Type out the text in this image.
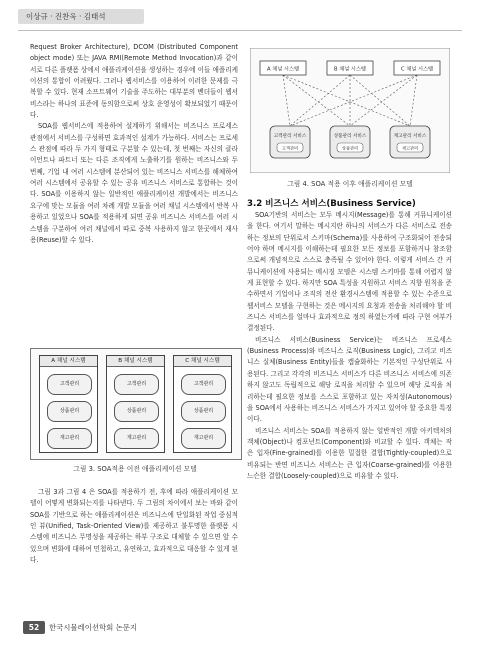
이상규 · 진찬욱 · 김태석

Request Broker Architecture), DCOM (Distributed Component object mode) 또는 JAVA RMI(Remote Method Invocation)과 같이 서로 다른 플랫폼 상에서 애플리케이션을 생성하는 경우에 이들 애플리케이션의 통합이 어려웠다. 그러나 웹서비스를 이용하여 이러한 문제를 극복할 수 있다. 현재 소프트웨어 기술을 주도하는 대부분의 벤더들이 웹서비스라는 하나의 표준에 동의함으로써 상호 운영성이 확보되었기 때문이다.

SOA를 웹서비스에 적용하여 설계하기 위해서는 비즈니스 프로세스 관점에서 서비스를 구성하면 효과적인 설계가 가능하다. 서비스는 프로세스 관점에 따라 두 가지 형태로 구분할 수 있는데, 첫 번째는 자신의 클라이언트나 파트너 또는 다른 조직에게 노출하기를 원하는 비즈니스와 두 번째, 기업 내 여러 시스템에 분산되어 있는 비즈니스 서비스를 해체하여 여러 시스템에서 공유할 수 있는 공유 비즈니스 서비스로 통합하는 것이다. SOA를 이용하지 않는 일반적인 애플리케이션 개발에서는 비즈니스 요구에 맞는 모듈을 여러 차례 개발 모듈을 여러 채널 시스템에서 반복 사용하고 있었으나 SOA를 적용하게 되면 공유 비즈니스 서비스를 여러 시스템을 구분하여 여러 채널에서 따로 중복 사용하지 않고 한곳에서 재사용(Reuse)할 수 있다.

A 채널 시스템
고객관리
상품관리
재고관리
B 채널 시스템
고객관리
상품관리
재고관리
C 채널 시스템
고객관리
상품관리
재고관리
그림 3. SOA적용 이전 애플리케이션 모델

그림 3과 그림 4 은 SOA를 적용하기 전, 후에 따라 애플리케이션 모델이 어떻게 변화되는지를 나타낸다. 두 그림의 차이에서 보는 바와 같이 SOA를 기반으로 하는 애플리케이션은 비즈니스에 단일화된 작업 중심적인 뷰(Unified, Task-Oriented View)를 제공하고 불투명한 플랫폼 시스템에 비즈니스 무명성을 제공하는 하부 구조로 대체할 수 있으면 앞 수 있으며 변화에 대하여 민첩하고, 유연하고, 효과적으로 대응할 수 있게 된다.

A 채널 시스템	B 채널 시스템	C 채널 시스템
고객관리 서비스
고객관리
상품관리 서비스
상품관리
재고관리 서비스
재고관리
그림 4. SOA 적용 이후 애플리케이션 모델

3.2 비즈니스 서비스(Business Service)

SOA기반의 서비스는 모두 메시지(Message)를 통해 커뮤니케이션을 한다. 여기서 말하는 메시지란 하나의 서비스가 다른 서비스로 전송하는 정보의 단위로서 스키마(Schema)를 사용하여 구조화되어 전송되어야 하며 메시지를 이해하는데 필요한 모든 정보를 포함하거나 참조함으로써 개념적으로 스스로 충족될 수 있어야 한다. 이렇게 서비스 간 커뮤니케이션에 사용되는 메시징 모델은 시스템 스키마를 통해 어렵지 않게 표현할 수 있다. 하지만 SOA 특성을 지원하고 서비스 지향 원칙을 준수하면서 기업이나 조직의 전산 환경시스템에 적용할 수 있는 수준으로 웹서비스 모델을 구현하는 것은 메시지의 요청과 전송을 처리해야 할 비즈니스 서비스를 얼마나 효과적으로 정의 하였는가에 따라 구현 여부가 결정된다.

비즈니스 서비스(Business Service)는 비즈니스 프로세스(Business Process)와 비즈니스 로직(Business Logic), 그리고 비즈니스 실체(Business Entity)들을 캡슐화하는 기본적인 구성단위로 사용된다. 그리고 각각의 비즈니스 서비스가 다른 비즈니스 서비스에 의존하지 않고도 독립적으로 해당 로직을 처리할 수 있으며 해당 로직을 처리하는데 필요한 정보를 스스로 포함하고 있는 자치성(Autonomous)을 SOA에서 사용하는 비즈니스 서비스가 가지고 있어야 할 중요한 특징이다.

비즈니스 서비스는 SOA를 적용하지 않는 일반적인 개발 아키텍처의 객체(Object)나 컴포넌트(Component)와 비교할 수 있다. 객체는 작은 입자(Fine-grained)를 이용한 밀접한 결합(Tightly-coupled)으로 비유되는 반면 비즈니스 서비스는 큰 입자(Coarse-grained)를 이용한 느슨한 결합(Loosely-coupled)으로 비유할 수 있다.

52	한국시뮬레이션학회 논문지
